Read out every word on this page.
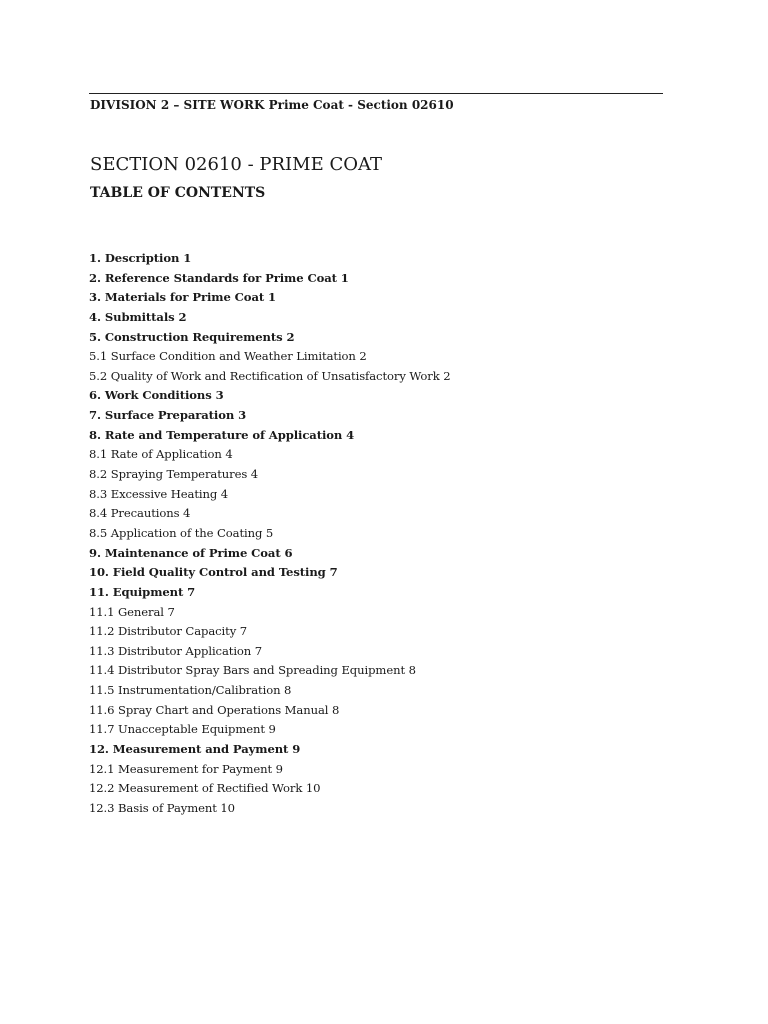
DIVISION 2 – SITE WORK Prime Coat - Section 02610
SECTION 02610 - PRIME COAT
TABLE OF CONTENTS
1. Description 1
2. Reference Standards for Prime Coat 1
3. Materials for Prime Coat 1
4. Submittals 2
5. Construction Requirements 2
5.1 Surface Condition and Weather Limitation 2
5.2 Quality of Work and Rectification of Unsatisfactory Work 2
6. Work Conditions 3
7. Surface Preparation 3
8. Rate and Temperature of Application 4
8.1 Rate of Application 4
8.2 Spraying Temperatures 4
8.3 Excessive Heating 4
8.4 Precautions 4
8.5 Application of the Coating 5
9. Maintenance of Prime Coat 6
10. Field Quality Control and Testing 7
11. Equipment 7
11.1 General 7
11.2 Distributor Capacity 7
11.3 Distributor Application 7
11.4 Distributor Spray Bars and Spreading Equipment 8
11.5 Instrumentation/Calibration 8
11.6 Spray Chart and Operations Manual 8
11.7 Unacceptable Equipment 9
12. Measurement and Payment 9
12.1 Measurement for Payment 9
12.2 Measurement of Rectified Work 10
12.3 Basis of Payment 10
